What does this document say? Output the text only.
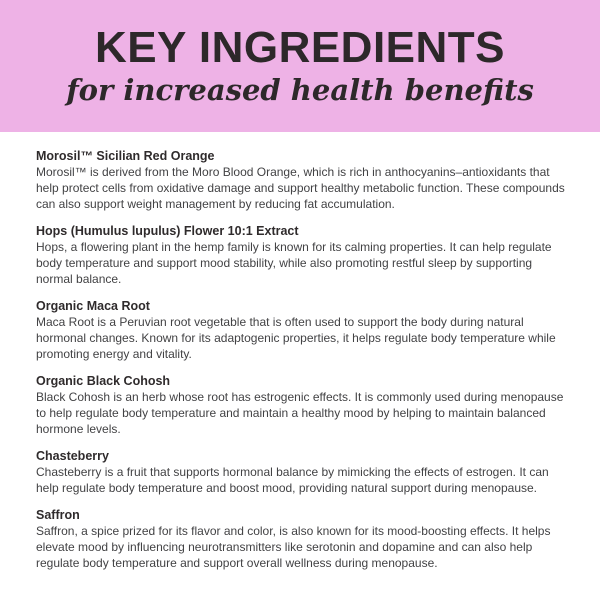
KEY INGREDIENTS
for increased health benefits
Morosil™ Sicilian Red Orange

Morosil™ is derived from the Moro Blood Orange, which is rich in anthocyanins–antioxidants that help protect cells from oxidative damage and support healthy metabolic function. These compounds can also support weight management by reducing fat accumulation.

Hops (Humulus lupulus) Flower 10:1 Extract

Hops, a flowering plant in the hemp family is known for its calming properties. It can help regulate body temperature and support mood stability, while also promoting restful sleep by supporting normal balance.

Organic Maca Root

Maca Root is a Peruvian root vegetable that is often used to support the body during natural hormonal changes. Known for its adaptogenic properties, it helps regulate body temperature while promoting energy and vitality.

Organic Black Cohosh

Black Cohosh is an herb whose root has estrogenic effects. It is commonly used during menopause to help regulate body temperature and maintain a healthy mood by helping to maintain balanced hormone levels.

Chasteberry

Chasteberry is a fruit that supports hormonal balance by mimicking the effects of estrogen. It can help regulate body temperature and boost mood, providing natural support during menopause.

Saffron

Saffron, a spice prized for its flavor and color, is also known for its mood-boosting effects. It helps elevate mood by influencing neurotransmitters like serotonin and dopamine and can also help regulate body temperature and support overall wellness during menopause.
